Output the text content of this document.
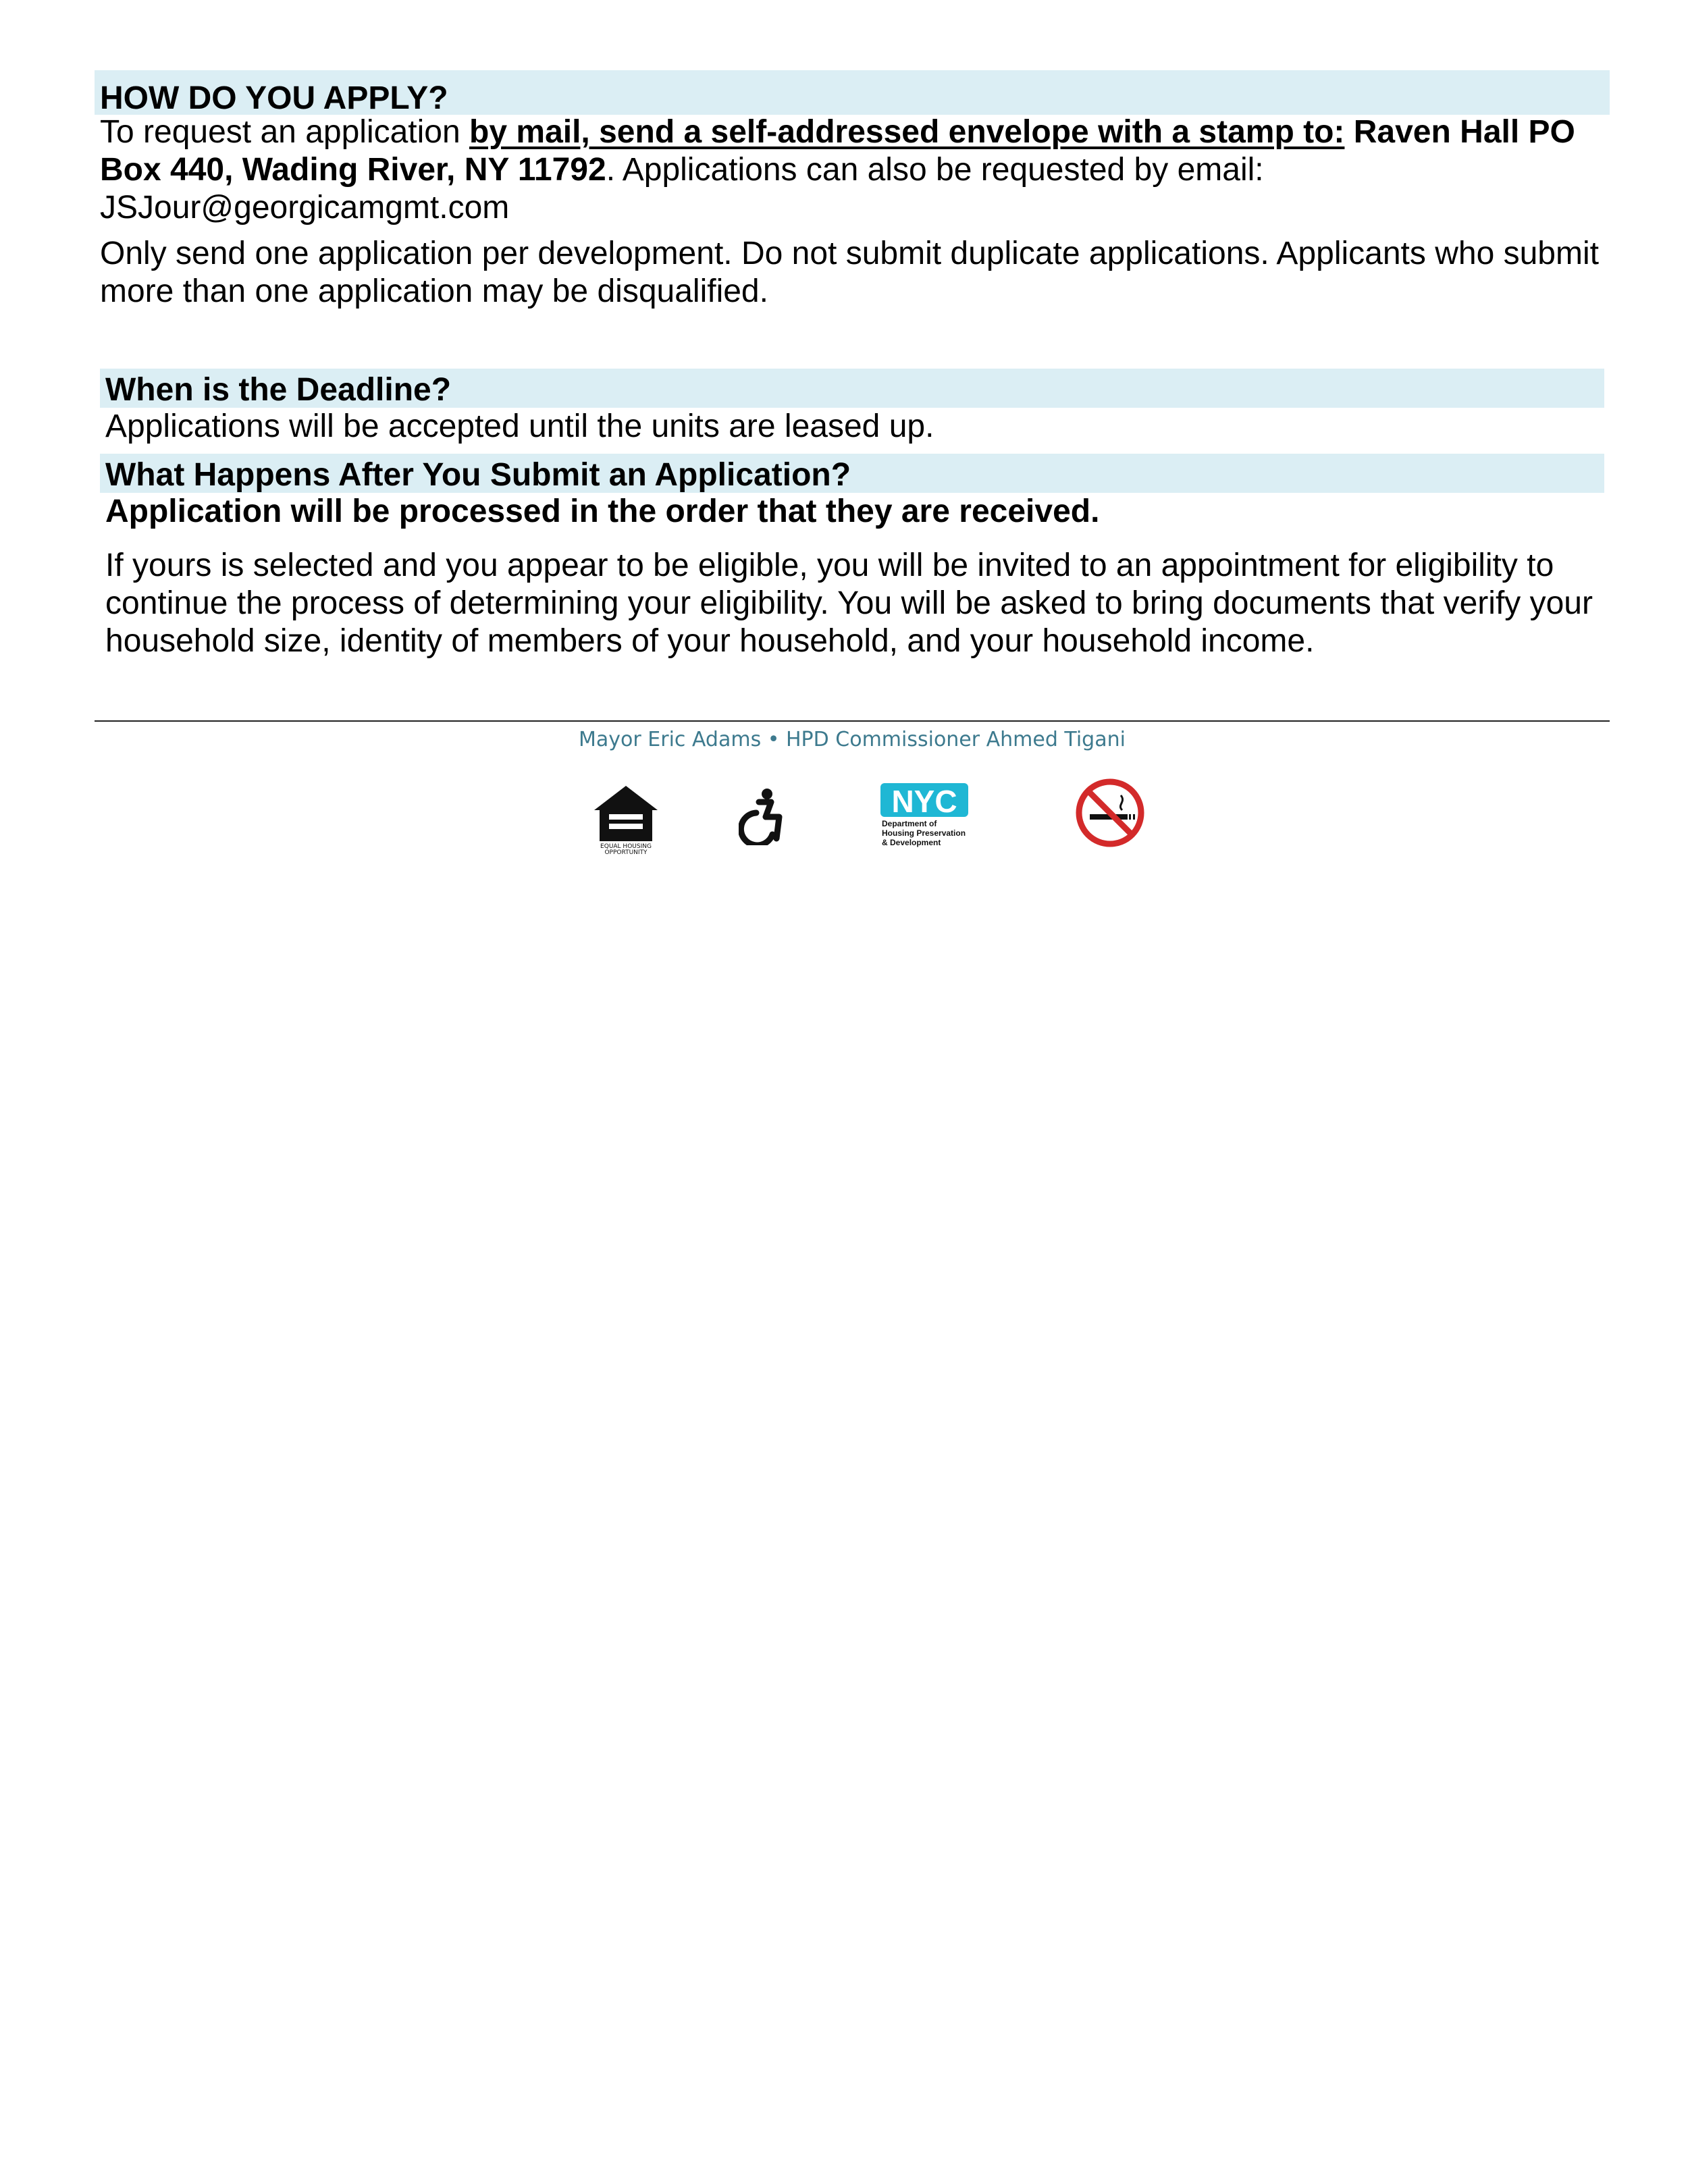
HOW DO YOU APPLY?
To request an application by mail, send a self-addressed envelope with a stamp to: Raven Hall PO Box 440, Wading River, NY 11792. Applications can also be requested by email: JSJour@georgicamgmt.com
Only send one application per development. Do not submit duplicate applications. Applicants who submit more than one application may be disqualified.
When is the Deadline?
Applications will be accepted until the units are leased up.
What Happens After You Submit an Application?
Application will be processed in the order that they are received.
If yours is selected and you appear to be eligible, you will be invited to an appointment for eligibility to continue the process of determining your eligibility. You will be asked to bring documents that verify your household size, identity of members of your household, and your household income.
Mayor Eric Adams • HPD Commissioner Ahmed Tigani
EQUAL HOUSING
OPPORTUNITY
NYC
Department of
Housing Preservation
& Development
